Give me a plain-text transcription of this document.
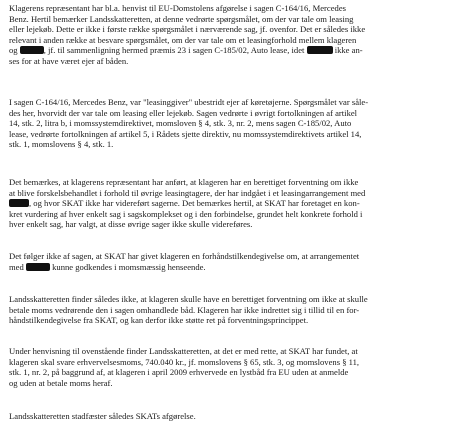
Klagerens repræsentant har bl.a. henvist til EU-Domstolens afgørelse i sagen C-164/16, Mercedes
Benz. Hertil bemærker Landsskatteretten, at denne vedrørte spørgsmålet, om der var tale om leasing
eller lejekøb. Dette er ikke i første række spørgsmålet i nærværende sag, jf. ovenfor. Det er således ikke
relevant i anden række at besvare spørgsmålet, om der var tale om et leasingforhold mellem klageren
og	, jf. til sammenligning hermed præmis 23 i sagen C-185/02, Auto lease, idet	ikke an-
ses for at have været ejer af båden.
I sagen C-164/16, Mercedes Benz, var "leasinggiver" ubestridt ejer af køretøjerne. Spørgsmålet var såle-
des her, hvorvidt der var tale om leasing eller lejekøb. Sagen vedrørte i øvrigt fortolkningen af artikel
14, stk. 2, litra b, i momssystemdirektivet, momsloven § 4, stk. 3, nr. 2, mens sagen C-185/02, Auto
lease, vedrørte fortolkningen af artikel 5, i Rådets sjette direktiv, nu momssystemdirektivets artikel 14,
stk. 1, momslovens § 4, stk. 1.
Det bemærkes, at klagerens repræsentant har anført, at klageren har en berettiget forventning om ikke
at blive forskelsbehandlet i forhold til øvrige leasingtagere, der har indgået i et leasingarrangement med
, og hvor SKAT ikke har videreført sagerne. Det bemærkes hertil, at SKAT har foretaget en kon-
kret vurdering af hver enkelt sag i sagskomplekset og i den forbindelse, grundet helt konkrete forhold i
hver enkelt sag, har valgt, at disse øvrige sager ikke skulle videreføres.
Det følger ikke af sagen, at SKAT har givet klageren en forhåndstilkendegivelse om, at arrangementet
med	kunne godkendes i momsmæssig henseende.
Landsskatteretten finder således ikke, at klageren skulle have en berettiget forventning om ikke at skulle
betale moms vedrørende den i sagen omhandlede båd. Klageren har ikke indrettet sig i tillid til en for-
håndstilkendegivelse fra SKAT, og kan derfor ikke støtte ret på forventningsprincippet.
Under henvisning til ovenstående finder Landsskatteretten, at det er med rette, at SKAT har fundet, at
klageren skal svare erhvervelsesmoms, 740.040 kr., jf. momslovens § 65, stk. 3, og momslovens § 11,
stk. 1, nr. 2, på baggrund af, at klageren i april 2009 erhvervede en lystbåd fra EU uden at anmelde
og uden at betale moms heraf.
Landsskatteretten stadfæster således SKATs afgørelse.
